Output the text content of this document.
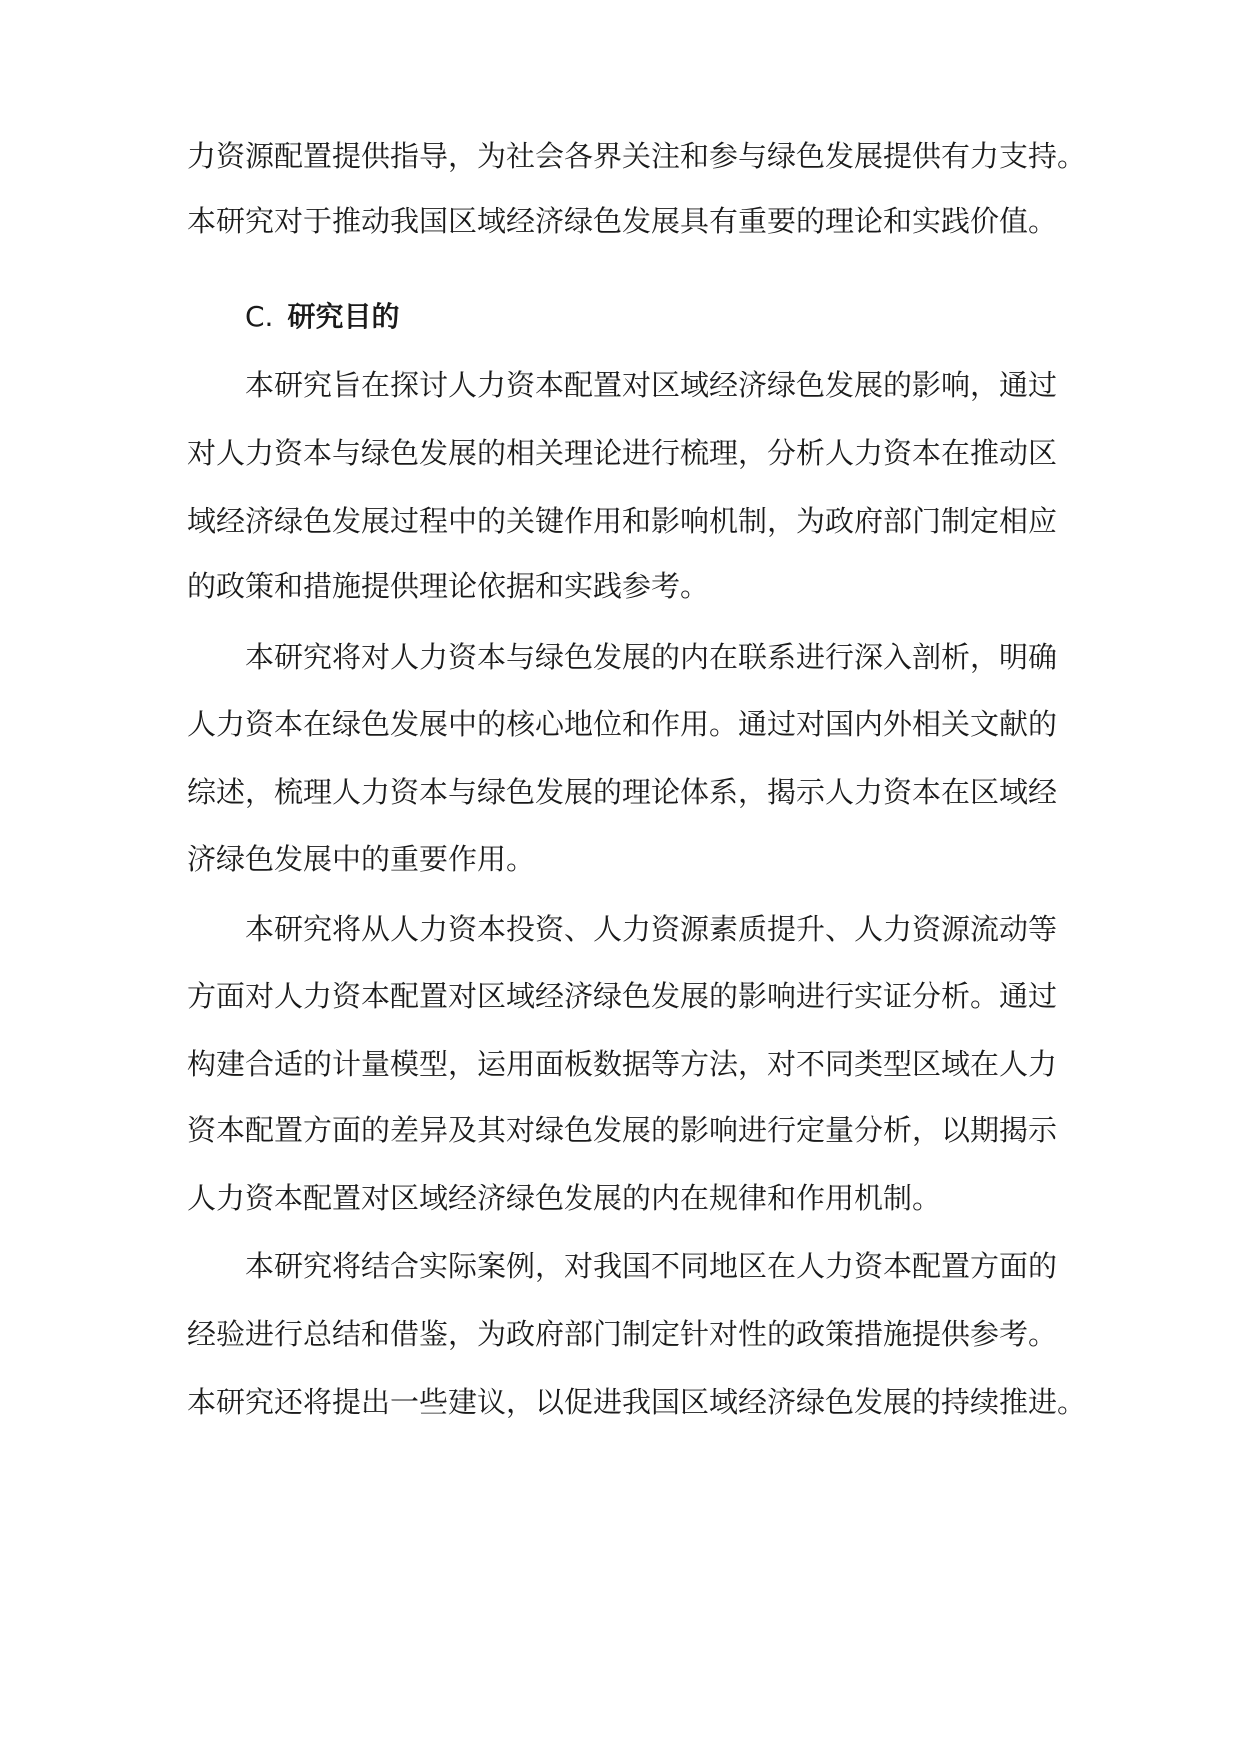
力资源配置提供指导，为社会各界关注和参与绿色发展提供有力支持。
本研究对于推动我国区域经济绿色发展具有重要的理论和实践价值。
C. 研究目的
本研究旨在探讨人力资本配置对区域经济绿色发展的影响，通过
对人力资本与绿色发展的相关理论进行梳理，分析人力资本在推动区
域经济绿色发展过程中的关键作用和影响机制，为政府部门制定相应
的政策和措施提供理论依据和实践参考。
本研究将对人力资本与绿色发展的内在联系进行深入剖析，明确
人力资本在绿色发展中的核心地位和作用。通过对国内外相关文献的
综述，梳理人力资本与绿色发展的理论体系，揭示人力资本在区域经
济绿色发展中的重要作用。
本研究将从人力资本投资、人力资源素质提升、人力资源流动等
方面对人力资本配置对区域经济绿色发展的影响进行实证分析。通过
构建合适的计量模型，运用面板数据等方法，对不同类型区域在人力
资本配置方面的差异及其对绿色发展的影响进行定量分析，以期揭示
人力资本配置对区域经济绿色发展的内在规律和作用机制。
本研究将结合实际案例，对我国不同地区在人力资本配置方面的
经验进行总结和借鉴，为政府部门制定针对性的政策措施提供参考。
本研究还将提出一些建议，以促进我国区域经济绿色发展的持续推进。
